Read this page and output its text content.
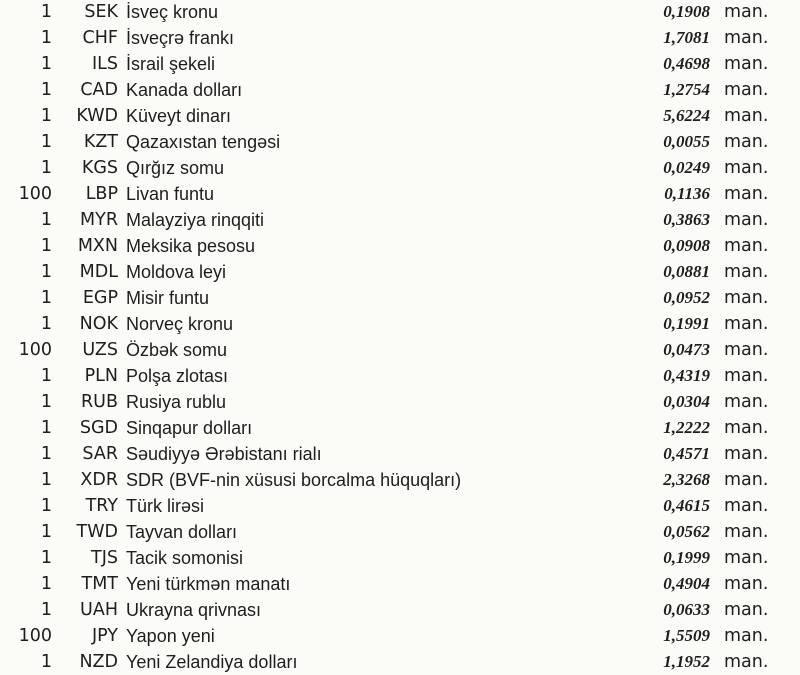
1	SEK İsveç kronu	0,1908 man.
1	CHF İsveçrə frankı	1,7081 man.
1	ILS İsrail şekeli	0,4698 man.
1	CAD Kanada dolları	1,2754 man.
1	KWD Küveyt dinarı	5,6224 man.
1	KZT Qazaxıstan tengəsi	0,0055 man.
1	KGS Qırğız somu	0,0249 man.
100	LBP Livan funtu	0,1136 man.
1	MYR Malayziya rinqqiti	0,3863 man.
1	MXN Meksika pesosu	0,0908 man.
1	MDL Moldova leyi	0,0881 man.
1	EGP Misir funtu	0,0952 man.
1	NOK Norveç kronu	0,1991 man.
100	UZS Özbək somu	0,0473 man.
1	PLN Polşa zlotası	0,4319 man.
1	RUB Rusiya rublu	0,0304 man.
1	SGD Sinqapur dolları	1,2222 man.
1	SAR Səudiyyə Ərəbistanı rialı	0,4571 man.
1	XDR SDR (BVF-nin xüsusi borcalma hüquqları)	2,3268 man.
1	TRY Türk lirəsi	0,4615 man.
1	TWD Tayvan dolları	0,0562 man.
1	TJS Tacik somonisi	0,1999 man.
1	TMT Yeni türkmən manatı	0,4904 man.
1	UAH Ukrayna qrivnası	0,0633 man.
100	JPY Yapon yeni	1,5509 man.
1	NZD Yeni Zelandiya dolları	1,1952 man.
